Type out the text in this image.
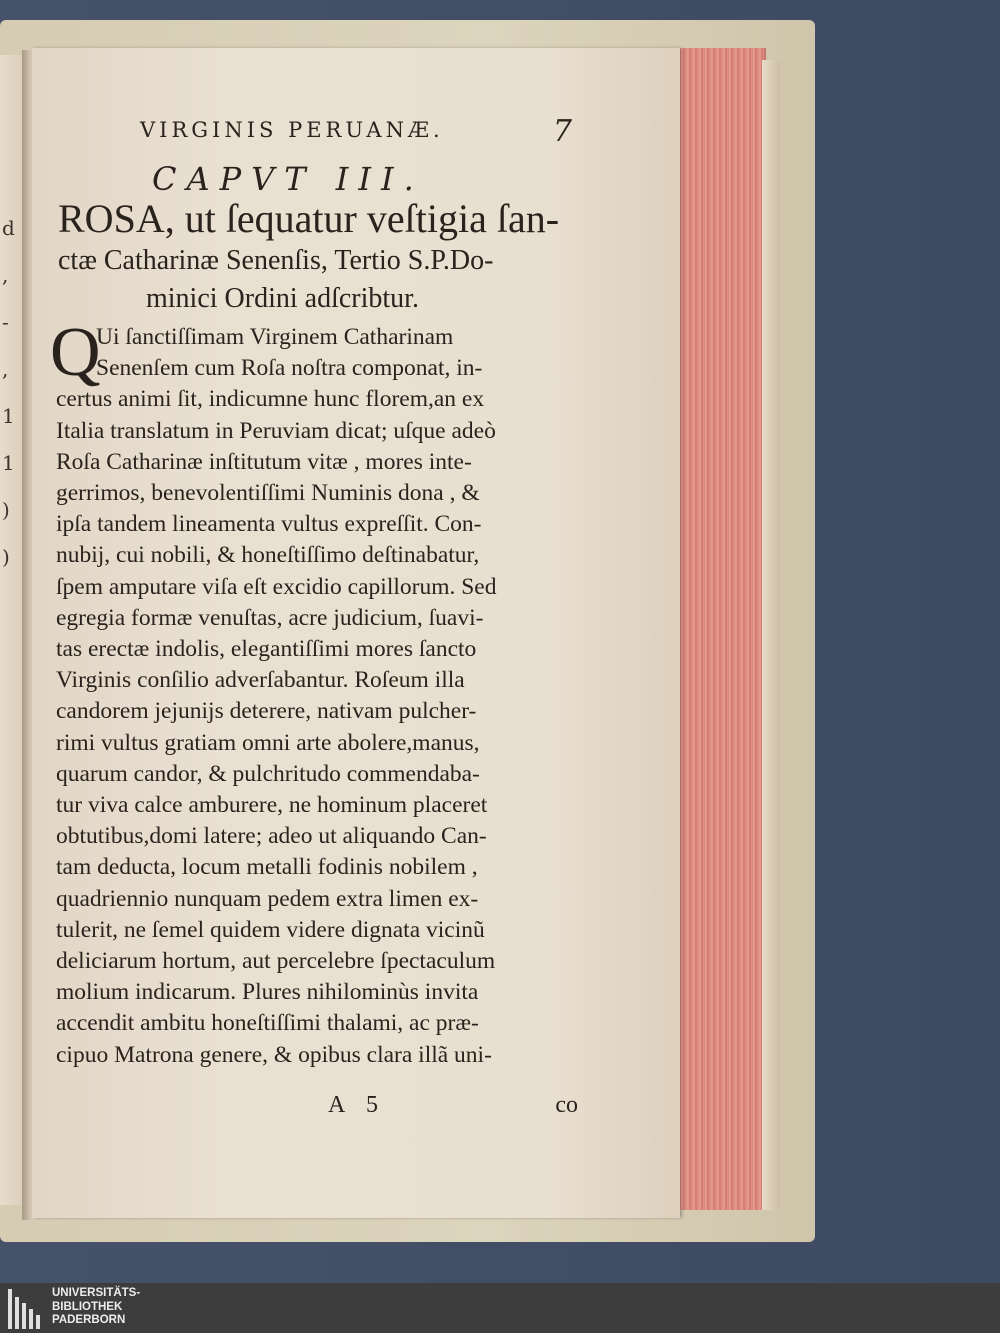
d
,
-
,
1
1
)
)
VIRGINIS PERUANÆ.	7
CAPVT III.
ROSA, ut ſequatur veſtigia ſan-
ctæ Catharinæ Senenſis, Tertio S.P.Do-
minici Ordini adſcribtur.
Q
Ui ſanctiſſimam Virginem Catharinam
Senenſem cum Roſa noſtra componat, in-
certus animi ſit, indicumne hunc florem,an ex
Italia translatum in Peruviam dicat; uſque adeò
Roſa Catharinæ inſtitutum vitæ , mores inte-
gerrimos, benevolentiſſimi Numinis dona , &
ipſa tandem lineamenta vultus expreſſit. Con-
nubij, cui nobili, & honeſtiſſimo deſtinabatur,
ſpem amputare viſa eſt excidio capillorum. Sed
egregia formæ venuſtas, acre judicium, ſuavi-
tas erectæ indolis, elegantiſſimi mores ſancto
Virginis conſilio adverſabantur. Roſeum illa
candorem jejunijs deterere, nativam pulcher-
rimi vultus gratiam omni arte abolere,manus,
quarum candor, & pulchritudo commendaba-
tur viva calce amburere, ne hominum placeret
obtutibus,domi latere; adeo ut aliquando Can-
tam deducta, locum metalli fodinis nobilem ,
quadriennio nunquam pedem extra limen ex-
tulerit, ne ſemel quidem videre dignata vicinũ
deliciarum hortum, aut percelebre ſpectaculum
molium indicarum. Plures nihilominùs invita
accendit ambitu honeſtiſſimi thalami, ac præ-
cipuo Matrona genere, & opibus clara illã uni-
A 5	co
UNIVERSITÄTS-
BIBLIOTHEK
PADERBORN
